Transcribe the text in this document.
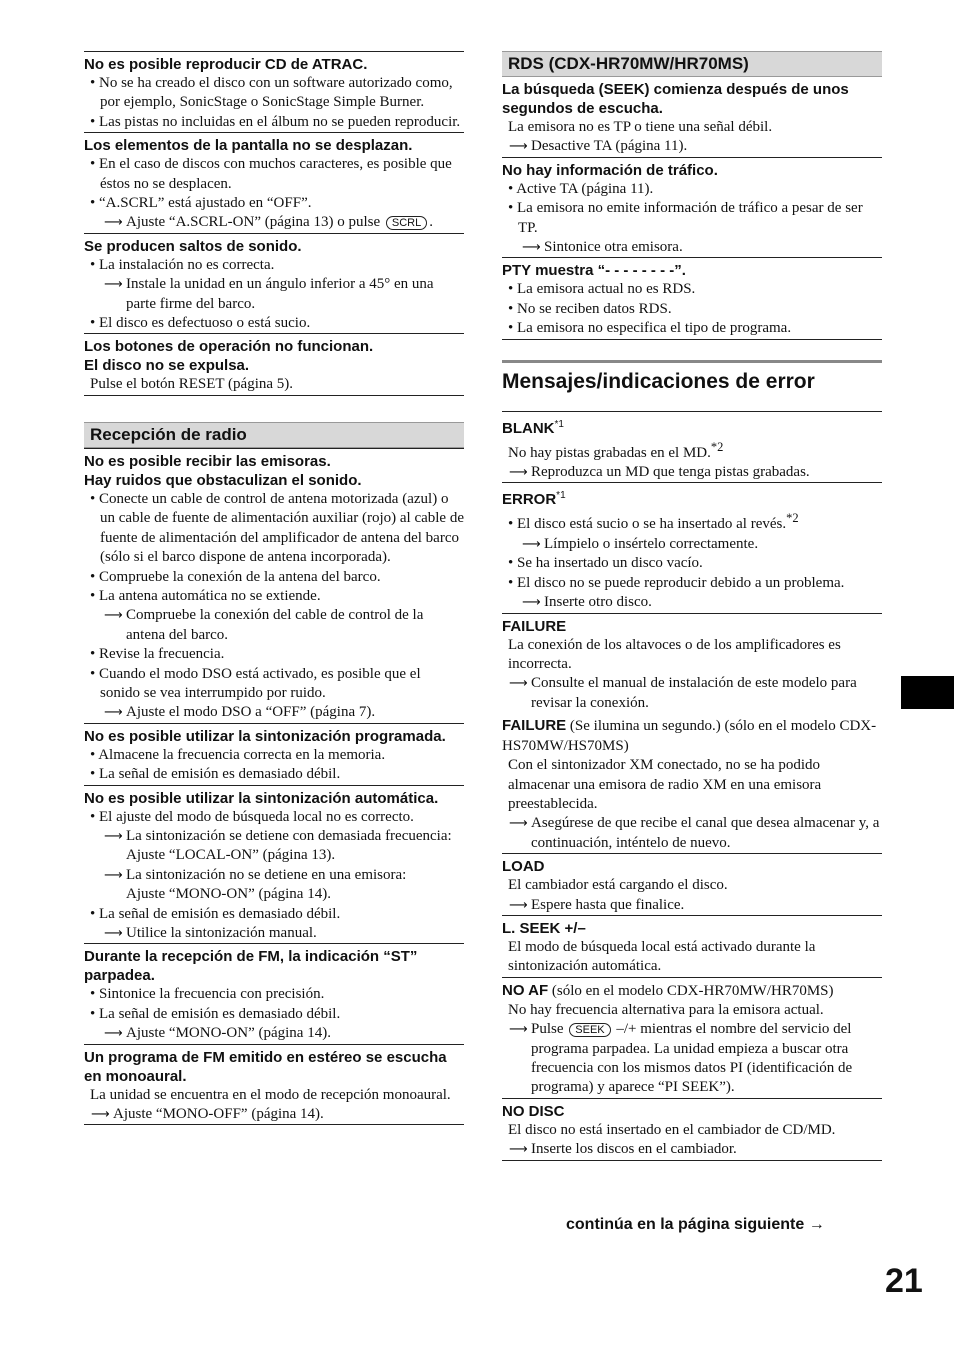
No es posible reproducir CD de ATRAC.
• No se ha creado el disco con un software autorizado como, por ejemplo, SonicStage o SonicStage Simple Burner.
• Las pistas no incluidas en el álbum no se pueden reproducir.
Los elementos de la pantalla no se desplazan.
• En el caso de discos con muchos caracteres, es posible que éstos no se desplacen.
• “A.SCRL” está ajustado en “OFF”.
⟶ Ajuste “A.SCRL-ON” (página 13) o pulse SCRL .
Se producen saltos de sonido.
• La instalación no es correcta.
⟶ Instale la unidad en un ángulo inferior a 45° en una parte firme del barco.
• El disco es defectuoso o está sucio.
Los botones de operación no funcionan.
El disco no se expulsa.
Pulse el botón RESET (página 5).
Recepción de radio
No es posible recibir las emisoras.
Hay ruidos que obstaculizan el sonido.
• Conecte un cable de control de antena motorizada (azul) o un cable de fuente de alimentación auxiliar (rojo) al cable de fuente de alimentación del amplificador de antena del barco (sólo si el barco dispone de antena incorporada).
• Compruebe la conexión de la antena del barco.
• La antena automática no se extiende.
⟶ Compruebe la conexión del cable de control de la antena del barco.
• Revise la frecuencia.
• Cuando el modo DSO está activado, es posible que el sonido se vea interrumpido por ruido.
⟶ Ajuste el modo DSO a “OFF” (página 7).
No es posible utilizar la sintonización programada.
• Almacene la frecuencia correcta en la memoria.
• La señal de emisión es demasiado débil.
No es posible utilizar la sintonización automática.
• El ajuste del modo de búsqueda local no es correcto.
⟶ La sintonización se detiene con demasiada frecuencia:
Ajuste “LOCAL-ON” (página 13).
⟶ La sintonización no se detiene en una emisora:
Ajuste “MONO-ON” (página 14).
• La señal de emisión es demasiado débil.
⟶ Utilice la sintonización manual.
Durante la recepción de FM, la indicación “ST” parpadea.
• Sintonice la frecuencia con precisión.
• La señal de emisión es demasiado débil.
⟶ Ajuste “MONO-ON” (página 14).
Un programa de FM emitido en estéreo se escucha en monoaural.
La unidad se encuentra en el modo de recepción monoaural.
⟶ Ajuste “MONO-OFF” (página 14).
RDS (CDX-HR70MW/HR70MS)
La búsqueda (SEEK) comienza después de unos segundos de escucha.
La emisora no es TP o tiene una señal débil.
⟶ Desactive TA (página 11).
No hay información de tráfico.
• Active TA (página 11).
• La emisora no emite información de tráfico a pesar de ser TP.
⟶ Sintonice otra emisora.
PTY muestra “- - - - - - - -”.
• La emisora actual no es RDS.
• No se reciben datos RDS.
• La emisora no especifica el tipo de programa.
Mensajes/indicaciones de error
BLANK$^{*1}$
No hay pistas grabadas en el MD.$^{*2}$
⟶ Reproduzca un MD que tenga pistas grabadas.
ERROR$^{*1}$
• El disco está sucio o se ha insertado al revés.$^{*2}$
⟶ Límpielo o insértelo correctamente.
• Se ha insertado un disco vacío.
• El disco no se puede reproducir debido a un problema.
⟶ Inserte otro disco.
FAILURE
La conexión de los altavoces o de los amplificadores es incorrecta.
⟶ Consulte el manual de instalación de este modelo para revisar la conexión.
FAILURE (Se ilumina un segundo.) (sólo en el modelo CDX-HS70MW/HS70MS)
Con el sintonizador XM conectado, no se ha podido almacenar una emisora de radio XM en una emisora preestablecida.
⟶ Asegúrese de que recibe el canal que desea almacenar y, a continuación, inténtelo de nuevo.
LOAD
El cambiador está cargando el disco.
⟶ Espere hasta que finalice.
L. SEEK +/–
El modo de búsqueda local está activado durante la sintonización automática.
NO AF (sólo en el modelo CDX-HR70MW/HR70MS)
No hay frecuencia alternativa para la emisora actual.
⟶ Pulse SEEK –/+ mientras el nombre del servicio del programa parpadea. La unidad empieza a buscar otra frecuencia con los mismos datos PI (identificación de programa) y aparece “PI SEEK”).
NO DISC
El disco no está insertado en el cambiador de CD/MD.
⟶ Inserte los discos en el cambiador.
continúa en la página siguiente →
21
